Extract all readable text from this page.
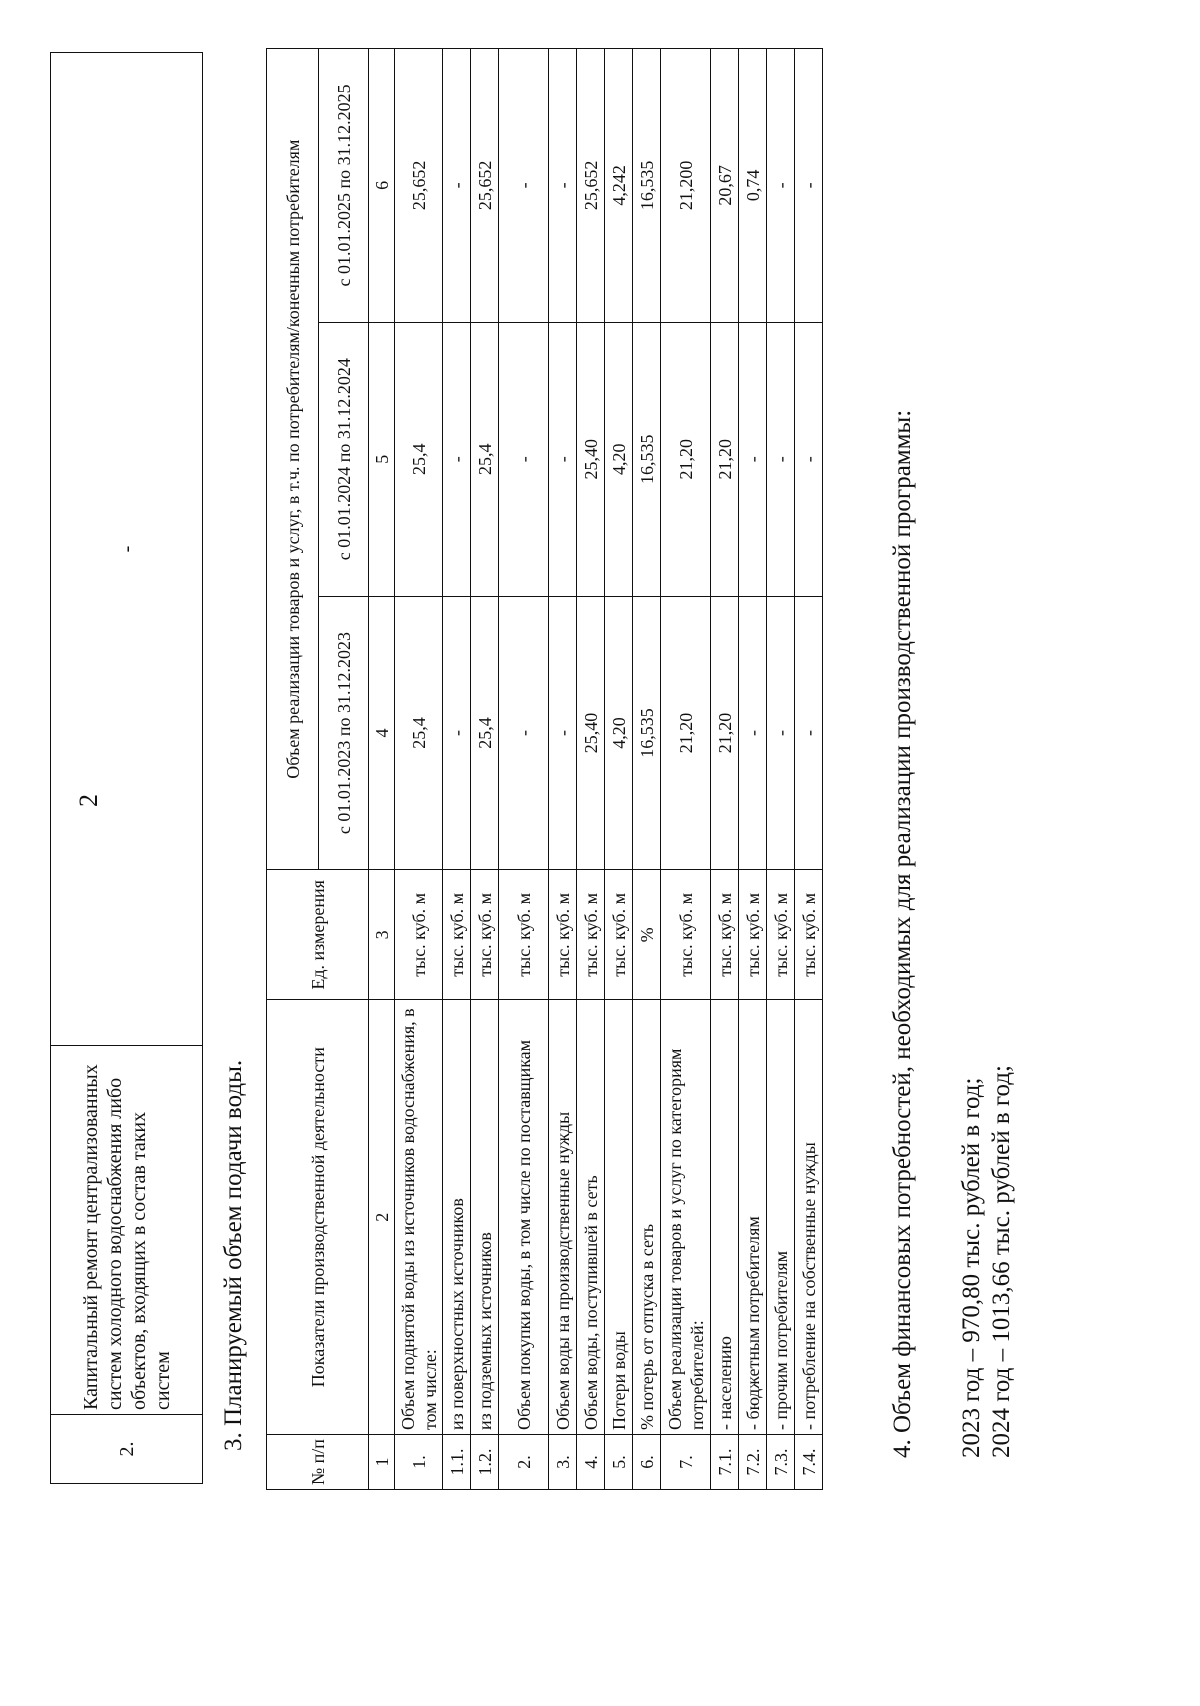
2
2.	Капитальный ремонт централизованных систем холодного водоснабжения либо объектов, входящих в состав таких систем	-
3. Планируемый объем подачи воды.
№ п/п	Показатели производственной деятельности	Ед. измерения	Объем реализации товаров и услуг, в т.ч. по потребителям/конечным потребителям		
			с 01.01.2023 по 31.12.2023	с 01.01.2024 по 31.12.2024	с 01.01.2025 по 31.12.2025
1	2	3	4	5	6
1.	Объем поднятой воды из источников водоснабжения, в том числе:	тыс. куб. м	25,4	25,4	25,652
1.1.	из поверхностных источников	тыс. куб. м	-	-	-
1.2.	из подземных источников	тыс. куб. м	25,4	25,4	25,652
2.	Объем покупки воды, в том числе по поставщикам	тыс. куб. м	-	-	-
3.	Объем воды на производственные нужды	тыс. куб. м	-	-	-
4.	Объем воды, поступившей в сеть	тыс. куб. м	25,40	25,40	25,652
5.	Потери воды	тыс. куб. м	4,20	4,20	4,242
6.	% потерь от отпуска в сеть	%	16,535	16,535	16,535
7.	Объем реализации товаров и услуг по категориям потребителей:	тыс. куб. м	21,20	21,20	21,200
7.1.	- населению	тыс. куб. м	21,20	21,20	20,67
7.2.	- бюджетным потребителям	тыс. куб. м	-	-	0,74
7.3.	- прочим потребителям	тыс. куб. м	-	-	-
7.4.	- потребление на собственные нужды	тыс. куб. м	-	-	-
4. Объем финансовых потребностей, необходимых для реализации производственной программы: 2023 год – 970,80 тыс. рублей в год; 2024 год – 1013,66 тыс. рублей в год;
